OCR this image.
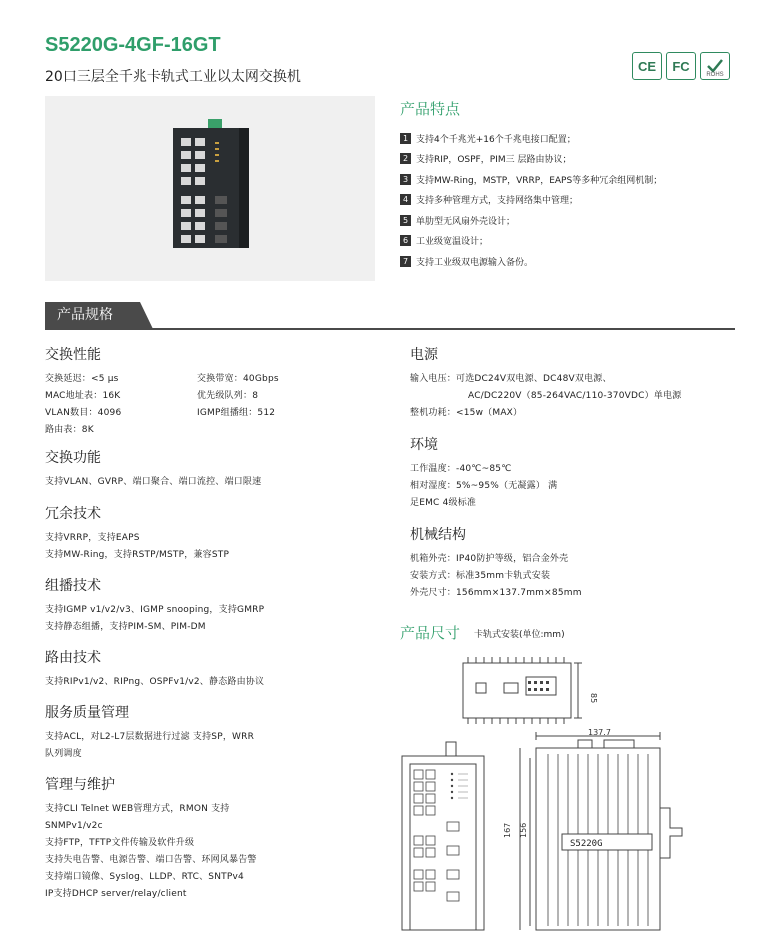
S5220G-4GF-16GT
20口三层全千兆卡轨式工业以太网交换机
CE FC
ROHS
产品特点
1 支持4个千兆光+16个千兆电接口配置；
2 支持RIP，OSPF，PIM三 层路由协议；
3 支持MW-Ring，MSTP，VRRP，EAPS等多种冗余组网机制；
4 支持多种管理方式，支持网络集中管理；
5 单肋型无风扇外壳设计；
6 工业级宽温设计；
7 支持工业级双电源输入备份。
产品规格
交换性能
交换延迟：<5 μs	交换带宽：40Gbps
MAC地址表：16K	优先级队列：8
VLAN数目：4096	IGMP组播组：512
路由表：8K
交换功能
支持VLAN、GVRP、端口聚合、端口流控、端口限速
冗余技术
支持VRRP，支持EAPS
支持MW-Ring，支持RSTP/MSTP，兼容STP
组播技术
支持IGMP v1/v2/v3、IGMP snooping，支持GMRP
支持静态组播，支持PIM-SM、PIM-DM
路由技术
支持RIPv1/v2、RIPng、OSPFv1/v2、静态路由协议
服务质量管理
支持ACL，对L2-L7层数据进行过滤 支持SP，WRR
队列调度
管理与维护
支持CLI Telnet WEB管理方式，RMON 支持
SNMPv1/v2c
支持FTP，TFTP文件传输及软件升级
支持失电告警、电源告警、端口告警、环网风暴告警
支持端口镜像、Syslog、LLDP、RTC、SNTPv4
IP支持DHCP server/relay/client
电源
输入电压：可选DC24V双电源、DC48V双电源、
AC/DC220V（85-264VAC/110-370VDC）单电源
整机功耗：<15w（MAX）
环境
工作温度：-40℃~85℃
相对湿度：5%~95%（无凝露） 满
足EMC 4级标准
机械结构
机箱外壳：IP40防护等级，铝合金外壳
安装方式：标准35mm卡轨式安装
外壳尺寸：156mm×137.7mm×85mm
产品尺寸 卡轨式安装(单位:mm)
85
137.7
S5220G
167 156
